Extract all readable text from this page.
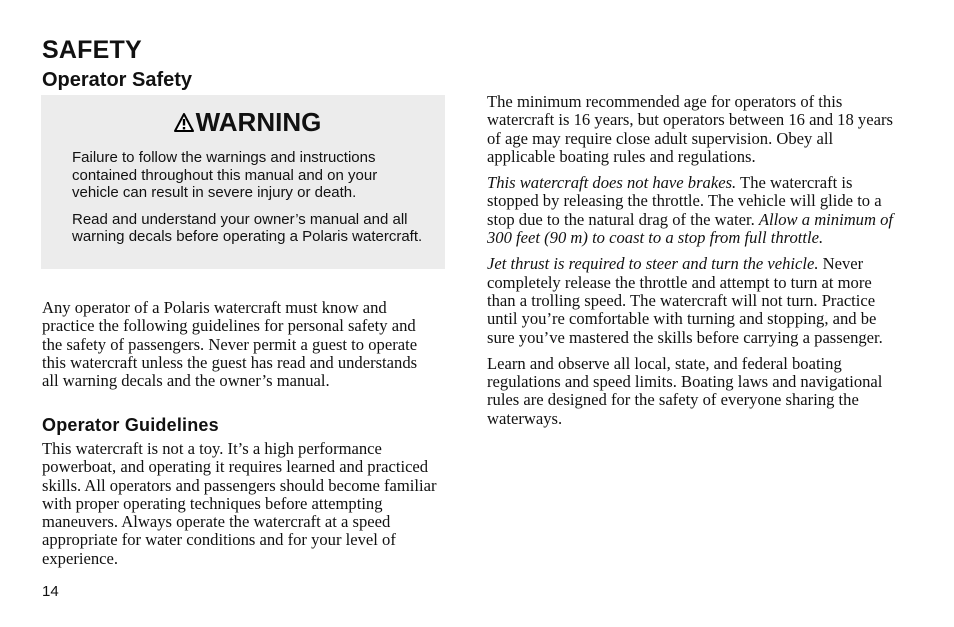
SAFETY
Operator Safety
WARNING

Failure to follow the warnings and instructions contained throughout this manual and on your vehicle can result in severe injury or death.

Read and understand your owner’s manual and all warning decals before operating a Polaris watercraft.

Any operator of a Polaris watercraft must know and practice the following guidelines for personal safety and the safety of passengers. Never permit a guest to operate this watercraft unless the guest has read and understands all warning decals and the owner’s manual.

Operator Guidelines

This watercraft is not a toy. It’s a high performance powerboat, and operating it requires learned and practiced skills. All operators and passengers should become familiar with proper operating techniques before attempting maneuvers. Always operate the watercraft at a speed appropriate for water conditions and for your level of experience.

The minimum recommended age for operators of this watercraft is 16 years, but operators between 16 and 18 years of age may require close adult supervision. Obey all applicable boating rules and regulations.

This watercraft does not have brakes. The watercraft is stopped by releasing the throttle. The vehicle will glide to a stop due to the natural drag of the water. Allow a minimum of 300 feet (90 m) to coast to a stop from full throttle.

Jet thrust is required to steer and turn the vehicle. Never completely release the throttle and attempt to turn at more than a trolling speed. The watercraft will not turn. Practice until you’re comfortable with turning and stopping, and be sure you’ve mastered the skills before carrying a passenger.

Learn and observe all local, state, and federal boating regulations and speed limits. Boating laws and navigational rules are designed for the safety of everyone sharing the waterways.

14
